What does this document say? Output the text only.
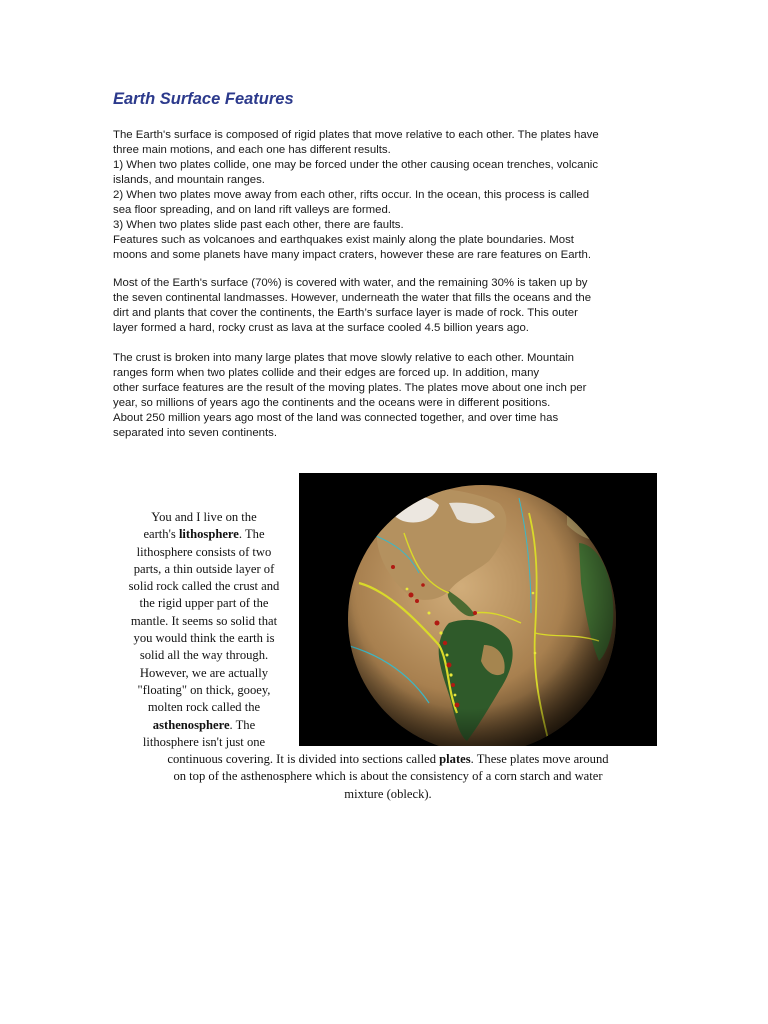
Earth Surface Features
The Earth's surface is composed of rigid plates that move relative to each other. The plates have
three main motions, and each one has different results.
1) When two plates collide, one may be forced under the other causing ocean trenches, volcanic
islands, and mountain ranges.
2) When two plates move away from each other, rifts occur. In the ocean, this process is called
sea floor spreading, and on land rift valleys are formed.
3) When two plates slide past each other, there are faults.
Features such as volcanoes and earthquakes exist mainly along the plate boundaries. Most
moons and some planets have many impact craters, however these are rare features on Earth.
Most of the Earth's surface (70%) is covered with water, and the remaining 30% is taken up by
the seven continental landmasses. However, underneath the water that fills the oceans and the
dirt and plants that cover the continents, the Earth’s surface layer is made of rock. This outer
layer formed a hard, rocky crust as lava at the surface cooled 4.5 billion years ago.
The crust is broken into many large plates that move slowly relative to each other. Mountain
ranges form when two plates collide and their edges are forced up. In addition, many
other surface features are the result of the moving plates. The plates move about one inch per
year, so millions of years ago the continents and the oceans were in different positions.
About 250 million years ago most of the land was connected together, and over time has
separated into seven continents.
You and I live on the
earth's lithosphere. The
lithosphere consists of two
parts, a thin outside layer of
solid rock called the crust and
the rigid upper part of the
mantle. It seems so solid that
you would think the earth is
solid all the way through.
However, we are actually
"floating" on thick, gooey,
molten rock called the
asthenosphere. The
lithosphere isn't just one
continuous covering. It is divided into sections called plates. These plates move around
on top of the asthenosphere which is about the consistency of a corn starch and water
mixture (obleck).
